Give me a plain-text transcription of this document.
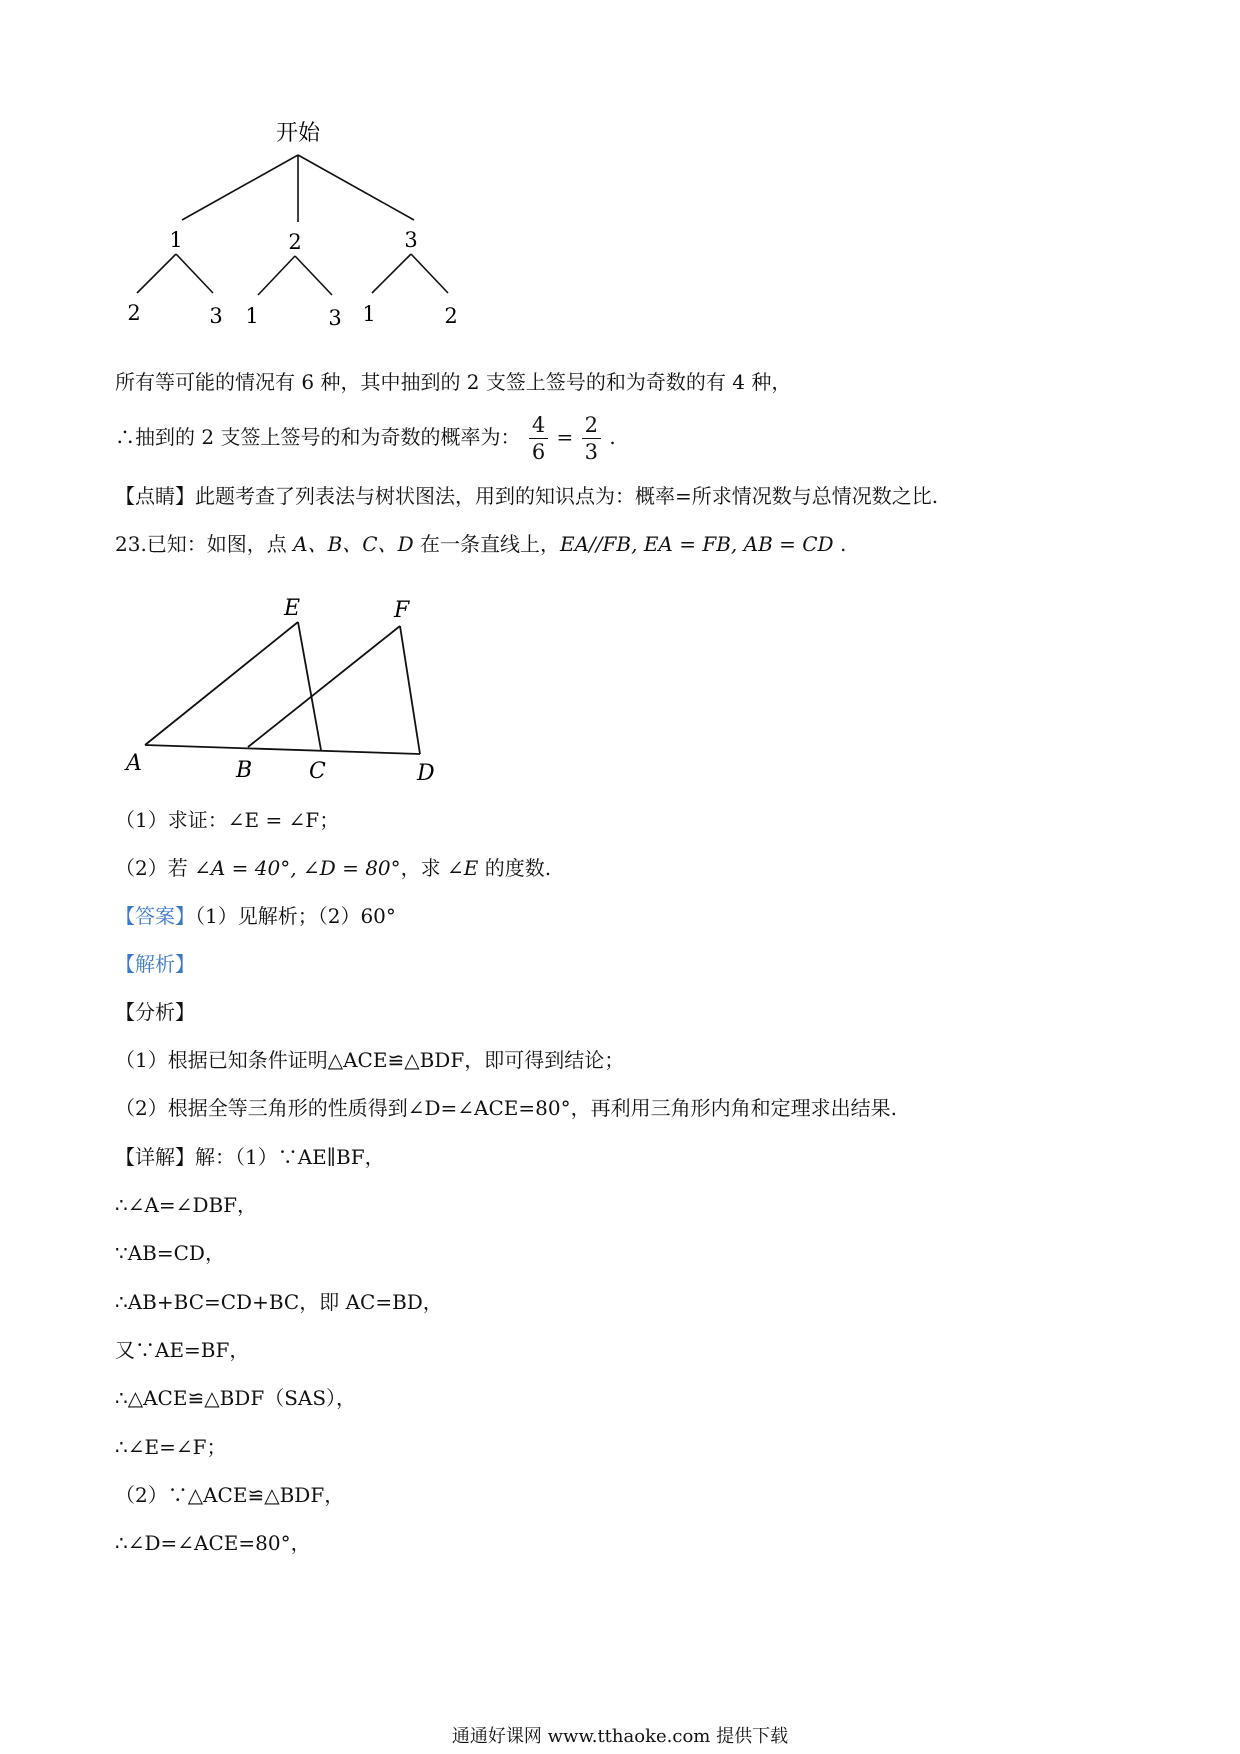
开始
1	2	3
2	3 1	3 1	2
所有等可能的情况有 6 种，其中抽到的 2 支签上签号的和为奇数的有 4 种，
∴抽到的 2 支签上签号的和为奇数的概率为： $\frac{4}{6} = \frac{2}{3}$ .
【点睛】此题考查了列表法与树状图法，用到的知识点为：概率=所求情况数与总情况数之比.
23.已知：如图，点 A、B、C、D 在一条直线上，EA//FB, EA = FB, AB = CD .
A	B	C	D
E	F
（1）求证：∠E = ∠F；
（2）若 ∠A = 40°, ∠D = 80°，求 ∠E 的度数.
【答案】（1）见解析；（2）60°
【解析】
【分析】
（1）根据已知条件证明△ACE≌△BDF，即可得到结论；
（2）根据全等三角形的性质得到∠D=∠ACE=80°，再利用三角形内角和定理求出结果.
【详解】解：（1）∵AE∥BF，
∴∠A=∠DBF，
∵AB=CD，
∴AB+BC=CD+BC，即 AC=BD，
又∵AE=BF，
∴△ACE≌△BDF（SAS），
∴∠E=∠F；
（2）∵△ACE≌△BDF，
∴∠D=∠ACE=80°，
通通好课网 www.tthaoke.com 提供下载
